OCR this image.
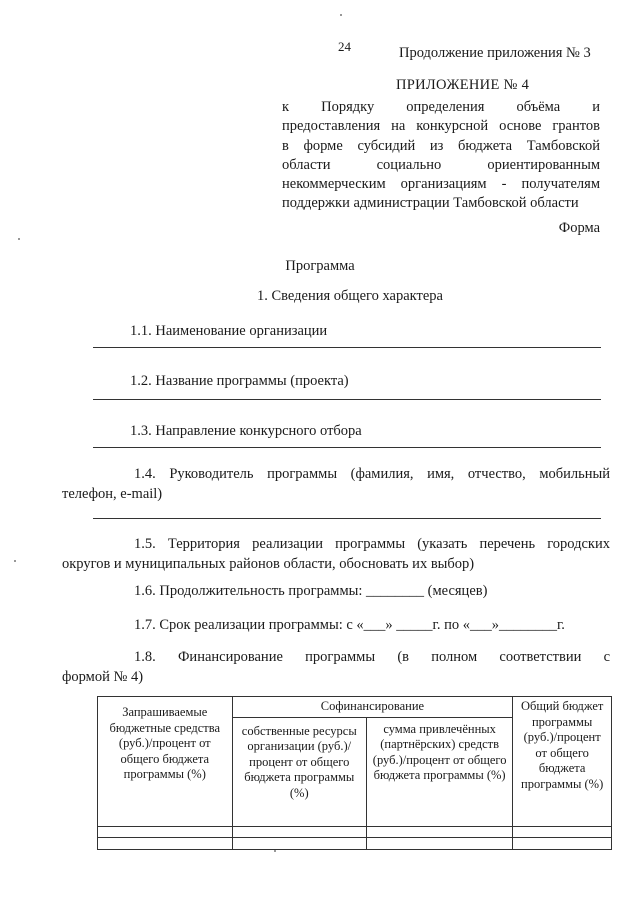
24	Продолжение приложения № 3
ПРИЛОЖЕНИЕ № 4
к Порядку определения объёма и
предоставления на конкурсной основе грантов
в форме субсидий из бюджета Тамбовской
области социально ориентированным
некоммерческим организациям - получателям
поддержки администрации Тамбовской области
Форма
Программа
1. Сведения общего характера
1.1. Наименование организации
1.2. Название программы (проекта)
1.3. Направление конкурсного отбора
1.4. Руководитель программы (фамилия, имя, отчество, мобильный
телефон, e-mail)
1.5. Территория реализации программы (указать перечень городских
округов и муниципальных районов области, обосновать их выбор)
1.6. Продолжительность программы: ________ (месяцев)
1.7. Срок реализации программы: с «___» _____г. по «___»________г.
1.8. Финансирование программы (в полном соответствии с
формой № 4)
Запрашиваемые бюджетные средства (руб.)/процент от общего бюджета программы (%)	Софинансирование		Общий бюджет программы (руб.)/процент от общего бюджета программы (%)
	собственные ресурсы организации (руб.)/процент от общего бюджета программы (%)	сумма привлечённых (партнёрских) средств (руб.)/процент от общего бюджета программы (%)	
